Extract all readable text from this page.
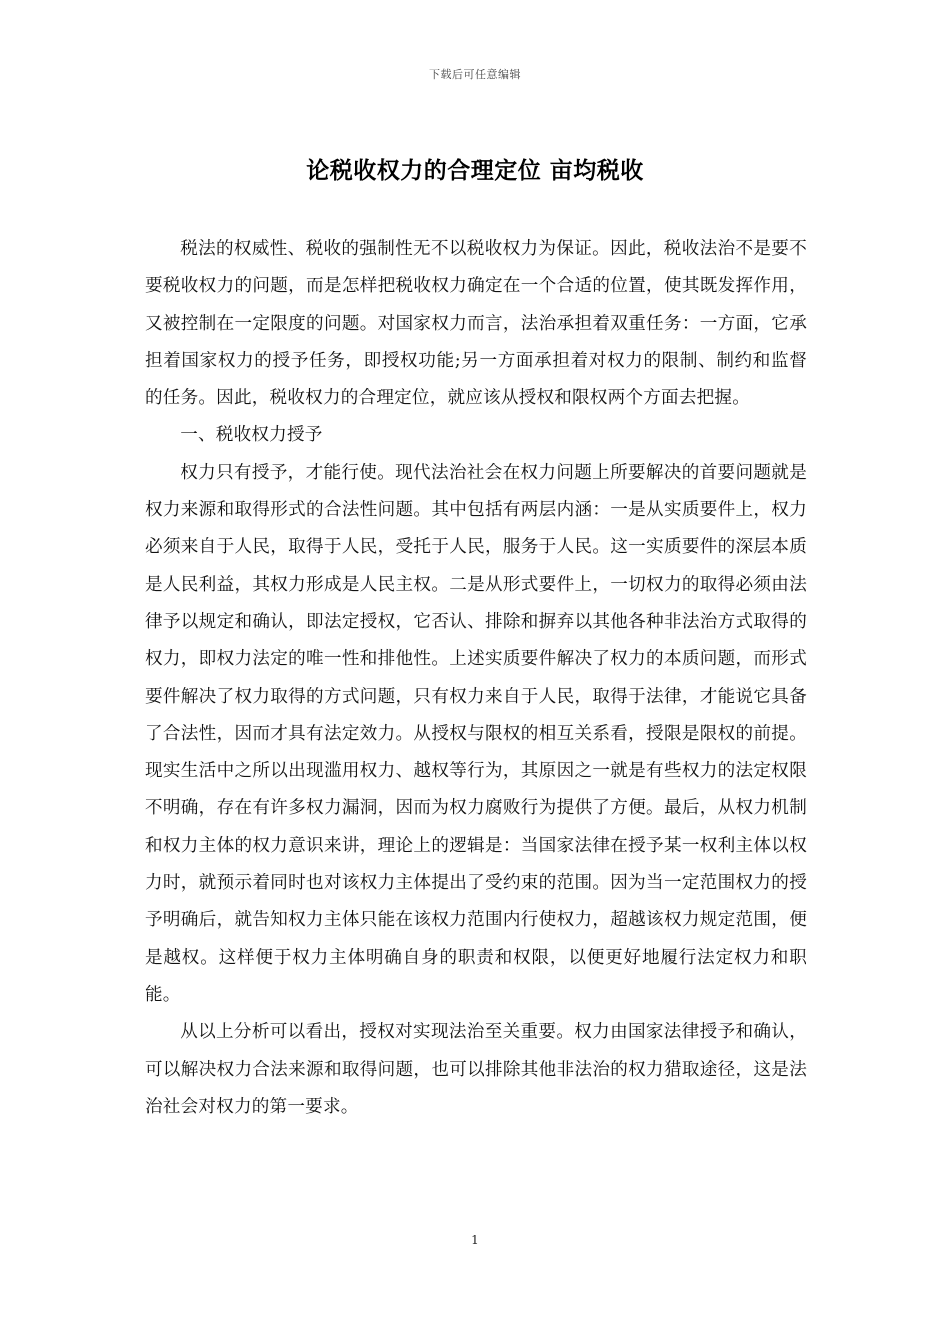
下载后可任意编辑
论税收权力的合理定位 亩均税收

税法的权威性、税收的强制性无不以税收权力为保证。因此，税收法治不是要不要税收权力的问题，而是怎样把税收权力确定在一个合适的位置，使其既发挥作用，又被控制在一定限度的问题。对国家权力而言，法治承担着双重任务：一方面，它承担着国家权力的授予任务，即授权功能;另一方面承担着对权力的限制、制约和监督的任务。因此，税收权力的合理定位，就应该从授权和限权两个方面去把握。

一、税收权力授予

权力只有授予，才能行使。现代法治社会在权力问题上所要解决的首要问题就是权力来源和取得形式的合法性问题。其中包括有两层内涵：一是从实质要件上，权力必须来自于人民，取得于人民，受托于人民，服务于人民。这一实质要件的深层本质是人民利益，其权力形成是人民主权。二是从形式要件上，一切权力的取得必须由法律予以规定和确认，即法定授权，它否认、排除和摒弃以其他各种非法治方式取得的权力，即权力法定的唯一性和排他性。上述实质要件解决了权力的本质问题，而形式要件解决了权力取得的方式问题，只有权力来自于人民，取得于法律，才能说它具备了合法性，因而才具有法定效力。从授权与限权的相互关系看，授限是限权的前提。现实生活中之所以出现滥用权力、越权等行为，其原因之一就是有些权力的法定权限不明确，存在有许多权力漏洞，因而为权力腐败行为提供了方便。最后，从权力机制和权力主体的权力意识来讲，理论上的逻辑是：当国家法律在授予某一权利主体以权力时，就预示着同时也对该权力主体提出了受约束的范围。因为当一定范围权力的授予明确后，就告知权力主体只能在该权力范围内行使权力，超越该权力规定范围，便是越权。这样便于权力主体明确自身的职责和权限，以便更好地履行法定权力和职能。

从以上分析可以看出，授权对实现法治至关重要。权力由国家法律授予和确认，可以解决权力合法来源和取得问题，也可以排除其他非法治的权力猎取途径，这是法治社会对权力的第一要求。

1
